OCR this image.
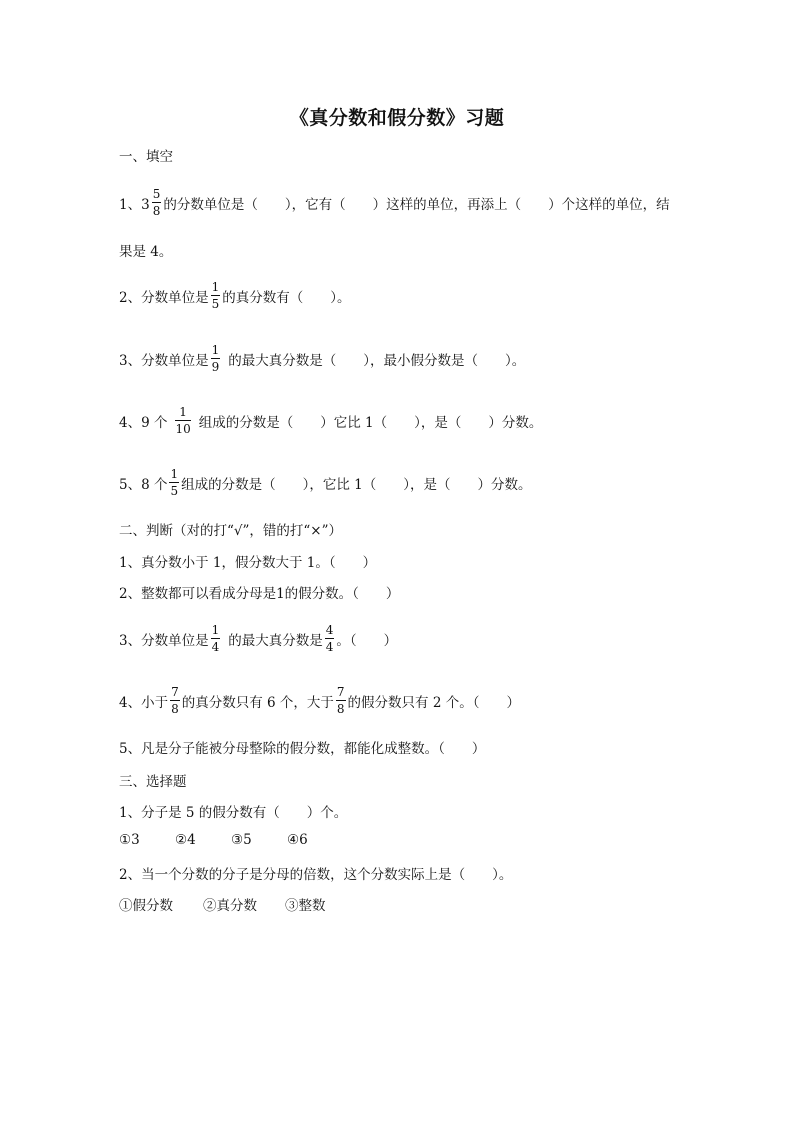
《真分数和假分数》习题
一、填空
1、$3 \frac{5}{8}$ 的分数单位是（　　），它有（　　）这样的单位，再添上（　　）个这样的单位，结
果是 4。
2、分数单位是 $\frac{1}{5}$ 的真分数有（　　）。
3、分数单位是 $\frac{1}{9}$ 的最大真分数是（　　），最小假分数是（　　）。
4、9 个 $\frac{1}{10}$ 组成的分数是（　　）它比 1（　　），是（　　）分数。
5、8 个 $\frac{1}{5}$ 组成的分数是（　　），它比 1（　　），是（　　）分数。
二、判断（对的打“√”，错的打“×”）
1、真分数小于 1，假分数大于 1。（　　）
2、整数都可以看成分母是1的假分数。（　　）
3、分数单位是 $\frac{1}{4}$ 的最大真分数是 $\frac{4}{4}$ 。（　　）
4、小于 $\frac{7}{8}$ 的真分数只有 6 个，大于 $\frac{7}{8}$ 的假分数只有 2 个。（　　）
5、凡是分子能被分母整除的假分数，都能化成整数。（　　）
三、选择题
1、分子是 5 的假分数有（　　）个。
①3	②4	③5	④6
2、当一个分数的分子是分母的倍数，这个分数实际上是（　　）。
①假分数	②真分数	③整数
